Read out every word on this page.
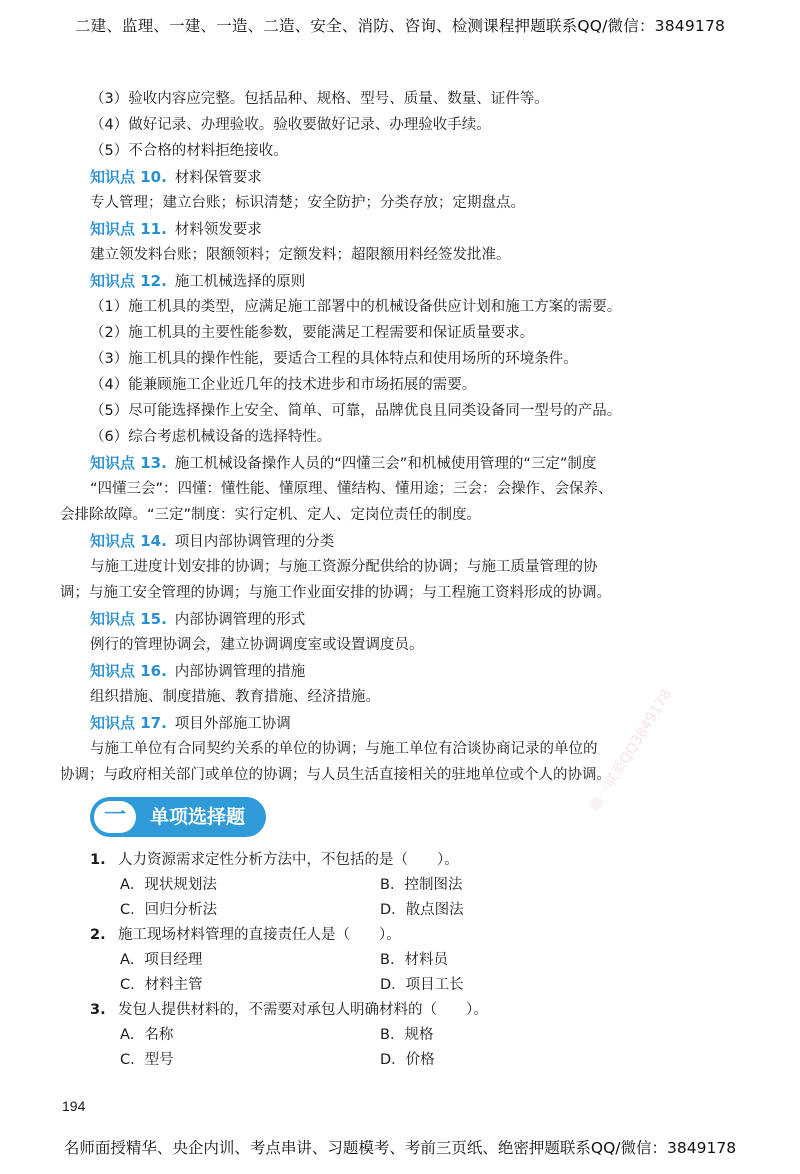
二建、监理、一建、一造、二造、安全、消防、咨询、检测课程押题联系QQ/微信：3849178
（3）验收内容应完整。包括品种、规格、型号、质量、数量、证件等。
（4）做好记录、办理验收。验收要做好记录、办理验收手续。
（5）不合格的材料拒绝接收。
知识点 10. 材料保管要求
专人管理；建立台账；标识清楚；安全防护；分类存放；定期盘点。
知识点 11. 材料领发要求
建立领发料台账；限额领料；定额发料；超限额用料经签发批准。
知识点 12. 施工机械选择的原则
（1）施工机具的类型，应满足施工部署中的机械设备供应计划和施工方案的需要。
（2）施工机具的主要性能参数，要能满足工程需要和保证质量要求。
（3）施工机具的操作性能，要适合工程的具体特点和使用场所的环境条件。
（4）能兼顾施工企业近几年的技术进步和市场拓展的需要。
（5）尽可能选择操作上安全、简单、可靠，品牌优良且同类设备同一型号的产品。
（6）综合考虑机械设备的选择特性。
知识点 13. 施工机械设备操作人员的“四懂三会”和机械使用管理的“三定”制度
“四懂三会”：四懂：懂性能、懂原理、懂结构、懂用途；三会：会操作、会保养、
会排除故障。“三定”制度：实行定机、定人、定岗位责任的制度。
知识点 14. 项目内部协调管理的分类
与施工进度计划安排的协调；与施工资源分配供给的协调；与施工质量管理的协
调；与施工安全管理的协调；与施工作业面安排的协调；与工程施工资料形成的协调。
知识点 15. 内部协调管理的形式
例行的管理协调会，建立协调调度室或设置调度员。
知识点 16. 内部协调管理的措施
组织措施、制度措施、教育措施、经济措施。
知识点 17. 项目外部施工协调
与施工单位有合同契约关系的单位的协调；与施工单位有洽谈协商记录的单位的
协调；与政府相关部门或单位的协调；与人员生活直接相关的驻地单位或个人的协调。
一	单项选择题
1. 人力资源需求定性分析方法中，不包括的是（　　）。
A．现状规划法	B．控制图法
C．回归分析法	D．散点图法
2. 施工现场材料管理的直接责任人是（　　）。
A．项目经理	B．材料员
C．材料主管	D．项目工长
3. 发包人提供材料的，不需要对承包人明确材料的（　　）。
A．名称	B．规格
C．型号	D．价格
唯一联系QQ3849178
194
名师面授精华、央企内训、考点串讲、习题模考、考前三页纸、绝密押题联系QQ/微信：3849178
